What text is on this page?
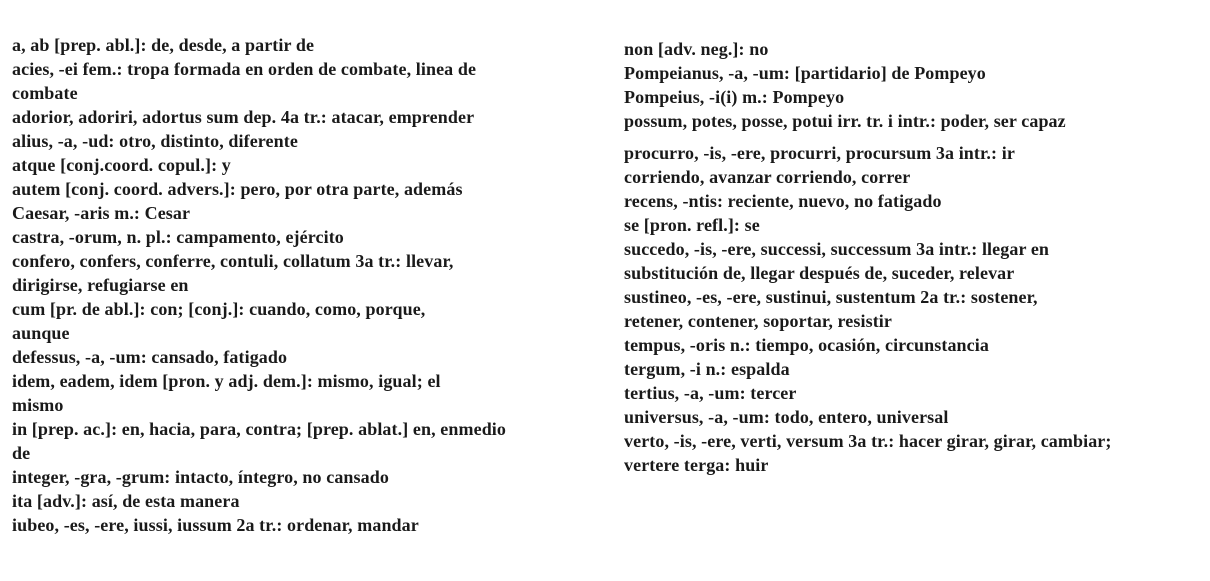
a, ab [prep. abl.]: de, desde, a partir de
acies, -ei fem.: tropa formada en orden de combate, linea de
combate
adorior, adoriri, adortus sum dep. 4a tr.: atacar, emprender
alius, -a, -ud: otro, distinto, diferente
atque [conj.coord. copul.]: y
autem [conj. coord. advers.]: pero, por otra parte, además
Caesar, -aris m.: Cesar
castra, -orum, n. pl.: campamento, ejército
confero, confers, conferre, contuli, collatum 3a tr.: llevar,
dirigirse, refugiarse en
cum [pr. de abl.]: con; [conj.]: cuando, como, porque,
aunque
defessus, -a, -um: cansado, fatigado
idem, eadem, idem [pron. y adj. dem.]: mismo, igual; el
mismo
in [prep. ac.]: en, hacia, para, contra; [prep. ablat.] en, enmedio
de
integer, -gra, -grum: intacto, íntegro, no cansado
ita [adv.]: así, de esta manera
iubeo, -es, -ere, iussi, iussum 2a tr.: ordenar, mandar
non [adv. neg.]: no
Pompeianus, -a, -um: [partidario] de Pompeyo
Pompeius, -i(i) m.: Pompeyo
possum, potes, posse, potui irr. tr. i intr.: poder, ser capaz
procurro, -is, -ere, procurri, procursum 3a intr.: ir
corriendo, avanzar corriendo, correr
recens, -ntis: reciente, nuevo, no fatigado
se [pron. refl.]: se
succedo, -is, -ere, successi, successum 3a intr.: llegar en
substitución de, llegar después de, suceder, relevar
sustineo, -es, -ere, sustinui, sustentum 2a tr.: sostener,
retener, contener, soportar, resistir
tempus, -oris n.: tiempo, ocasión, circunstancia
tergum, -i n.: espalda
tertius, -a, -um: tercer
universus, -a, -um: todo, entero, universal
verto, -is, -ere, verti, versum 3a tr.: hacer girar, girar, cambiar;
vertere terga: huir
